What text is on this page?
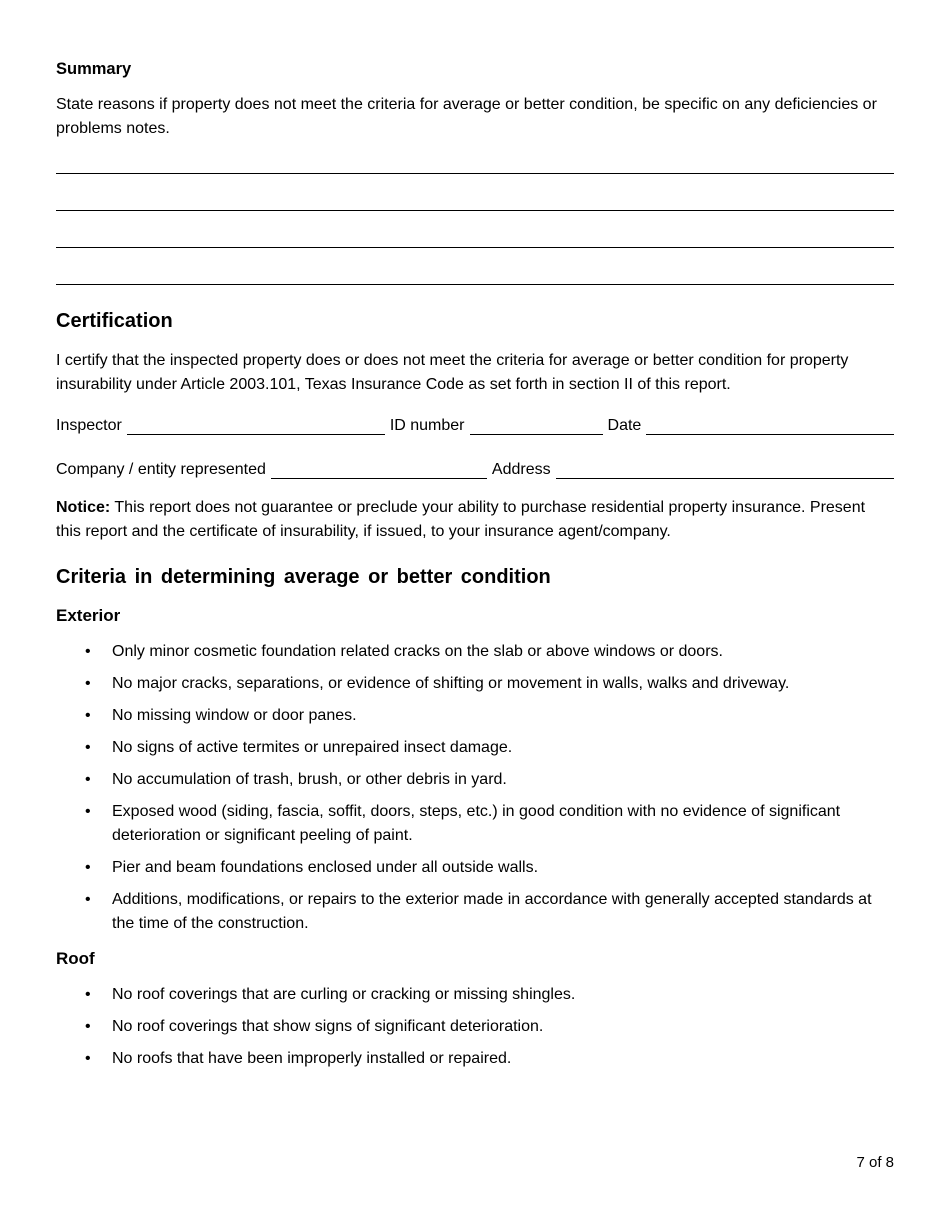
Summary
State reasons if property does not meet the criteria for average or better condition, be specific on any deficiencies or problems notes.
Certification
I certify that the inspected property does or does not meet the criteria for average or better condition for property insurability under Article 2003.101, Texas Insurance Code as set forth in section II of this report.
Inspector	ID number	Date
Company / entity represented	Address
Notice: This report does not guarantee or preclude your ability to purchase residential property insurance. Present this report and the certificate of insurability, if issued, to your insurance agent/company.
Criteria in determining average or better condition
Exterior
• Only minor cosmetic foundation related cracks on the slab or above windows or doors.
• No major cracks, separations, or evidence of shifting or movement in walls, walks and driveway.
• No missing window or door panes.
• No signs of active termites or unrepaired insect damage.
• No accumulation of trash, brush, or other debris in yard.
• Exposed wood (siding, fascia, soffit, doors, steps, etc.) in good condition with no evidence of significant deterioration or significant peeling of paint.
• Pier and beam foundations enclosed under all outside walls.
• Additions, modifications, or repairs to the exterior made in accordance with generally accepted standards at the time of the construction.
Roof
• No roof coverings that are curling or cracking or missing shingles.
• No roof coverings that show signs of significant deterioration.
• No roofs that have been improperly installed or repaired.
7 of 8
